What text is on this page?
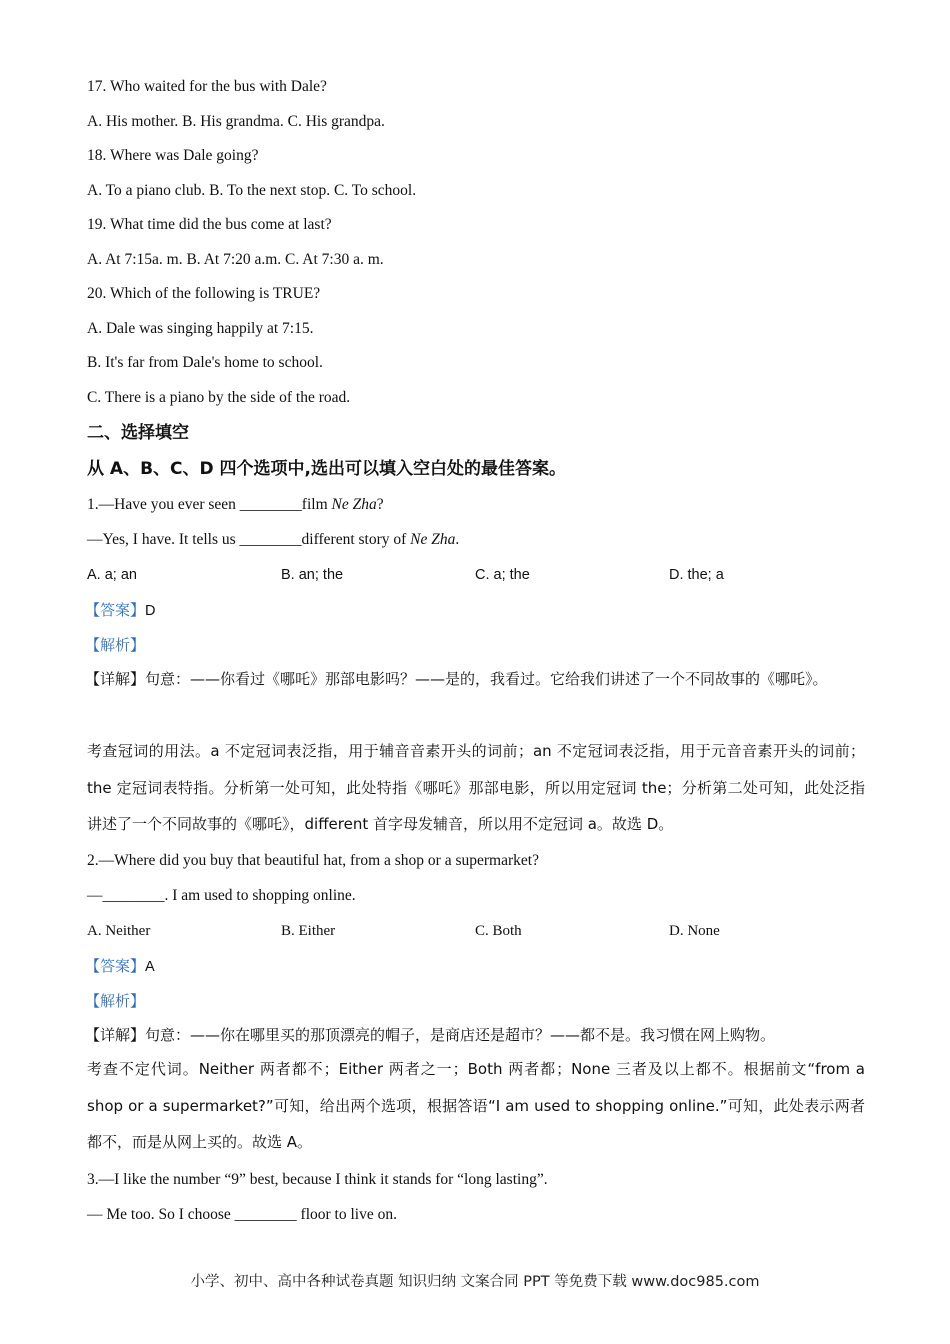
17. Who waited for the bus with Dale?
A. His mother. B. His grandma. C. His grandpa.
18. Where was Dale going?
A. To a piano club. B. To the next stop. C. To school.
19. What time did the bus come at last?
A. At 7:15a. m. B. At 7:20 a.m. C. At 7:30 a. m.
20. Which of the following is TRUE?
A. Dale was singing happily at 7:15.
B. It's far from Dale's home to school.
C. There is a piano by the side of the road.
二、选择填空
从 A、B、C、D 四个选项中,选出可以填入空白处的最佳答案。
1.—Have you ever seen ________film Ne Zha?
—Yes, I have. It tells us ________different story of Ne Zha.
A. a; an	B. an; the	C. a; the	D. the; a
【答案】D
【解析】
【详解】句意：——你看过《哪吒》那部电影吗？——是的，我看过。它给我们讲述了一个不同故事的《哪吒》。
考查冠词的用法。a 不定冠词表泛指，用于辅音音素开头的词前；an 不定冠词表泛指，用于元音音素开头的词前；the 定冠词表特指。分析第一处可知，此处特指《哪吒》那部电影，所以用定冠词 the；分析第二处可知，此处泛指讲述了一个不同故事的《哪吒》，different 首字母发辅音，所以用不定冠词 a。故选 D。
2.—Where did you buy that beautiful hat, from a shop or a supermarket?
—________. I am used to shopping online.
A. Neither	B. Either	C. Both	D. None
【答案】A
【解析】
【详解】句意：——你在哪里买的那顶漂亮的帽子，是商店还是超市？——都不是。我习惯在网上购物。
考查不定代词。Neither 两者都不；Either 两者之一；Both 两者都；None 三者及以上都不。根据前文“from a shop or a supermarket?”可知，给出两个选项，根据答语“I am used to shopping online.”可知，此处表示两者都不，而是从网上买的。故选 A。
3.—I like the number “9” best, because I think it stands for “long lasting”.
— Me too. So I choose ________ floor to live on.
小学、初中、高中各种试卷真题 知识归纳 文案合同 PPT 等免费下载 www.doc985.com
